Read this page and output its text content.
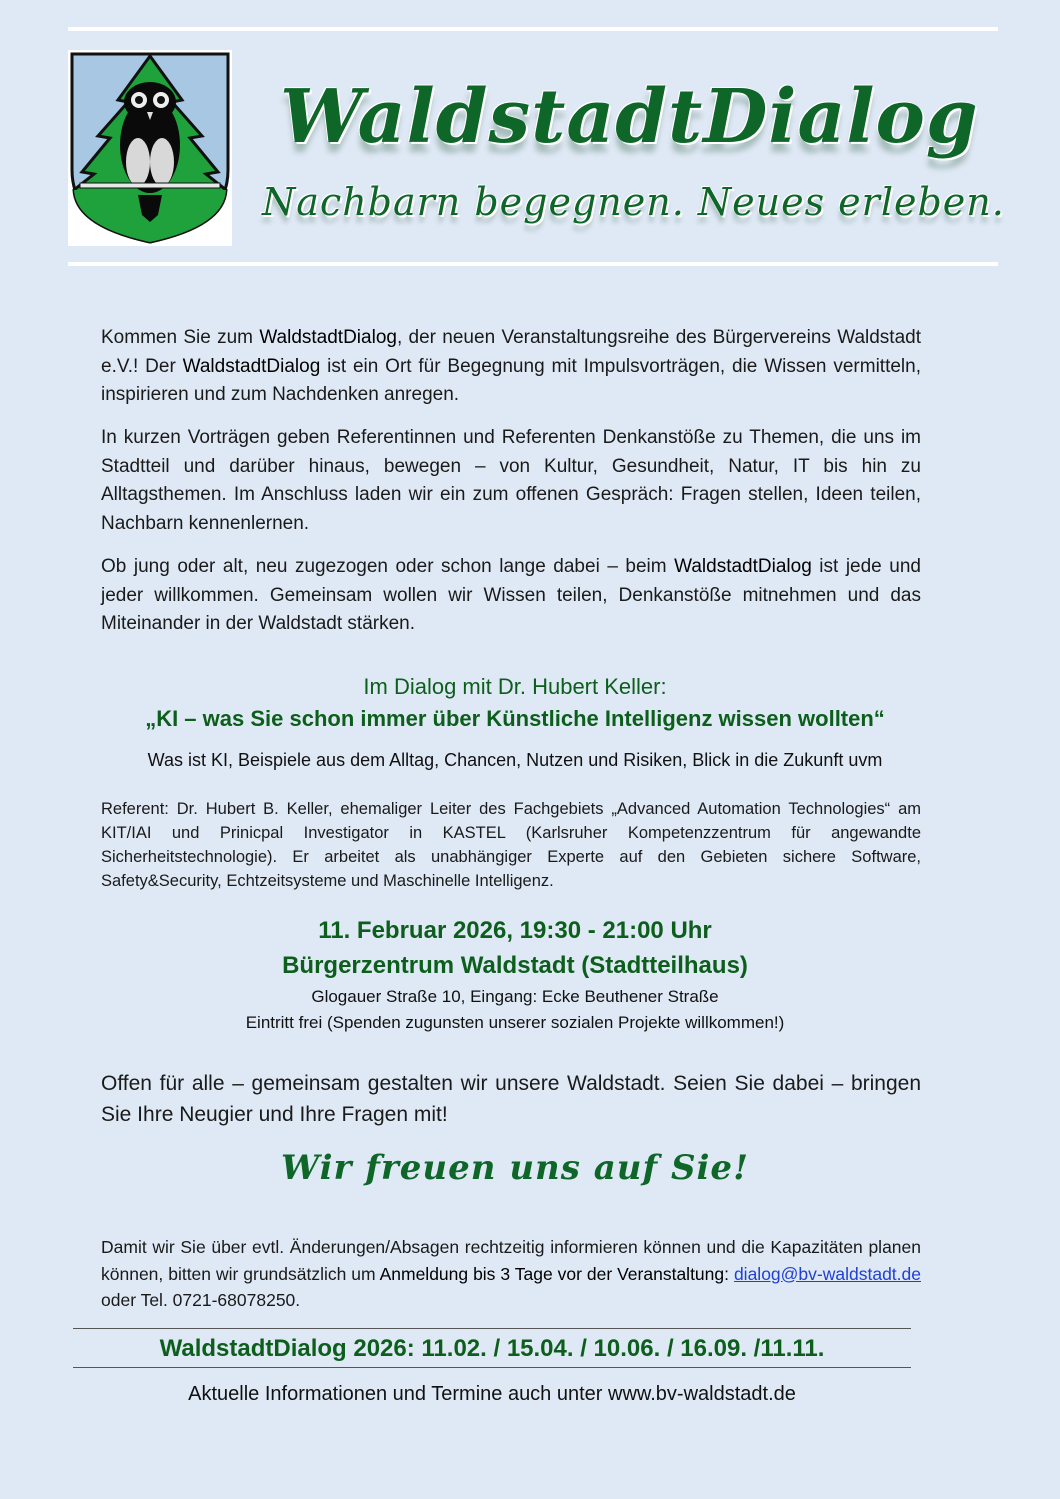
WaldstadtDialog
Nachbarn begegnen. Neues erleben.
Kommen Sie zum WaldstadtDialog, der neuen Veranstaltungsreihe des Bürgervereins Waldstadt e.V.! Der WaldstadtDialog ist ein Ort für Begegnung mit Impulsvorträgen, die Wissen vermitteln, inspirieren und zum Nachdenken anregen.
In kurzen Vorträgen geben Referentinnen und Referenten Denkanstöße zu Themen, die uns im Stadtteil und darüber hinaus, bewegen – von Kultur, Gesundheit, Natur, IT bis hin zu Alltagsthemen. Im Anschluss laden wir ein zum offenen Gespräch: Fragen stellen, Ideen teilen, Nachbarn kennenlernen.
Ob jung oder alt, neu zugezogen oder schon lange dabei – beim WaldstadtDialog ist jede und jeder willkommen. Gemeinsam wollen wir Wissen teilen, Denkanstöße mitnehmen und das Miteinander in der Waldstadt stärken.
Im Dialog mit Dr. Hubert Keller:
„KI – was Sie schon immer über Künstliche Intelligenz wissen wollten“
Was ist KI, Beispiele aus dem Alltag, Chancen, Nutzen und Risiken, Blick in die Zukunft uvm
Referent: Dr. Hubert B. Keller, ehemaliger Leiter des Fachgebiets „Advanced Automation Technologies“ am KIT/IAI und Prinicpal Investigator in KASTEL (Karlsruher Kompetenzzentrum für angewandte Sicherheitstechnologie). Er arbeitet als unabhängiger Experte auf den Gebieten sichere Software, Safety&Security, Echtzeitsysteme und Maschinelle Intelligenz.
11. Februar 2026, 19:30 - 21:00 Uhr
Bürgerzentrum Waldstadt (Stadtteilhaus)
Glogauer Straße 10, Eingang: Ecke Beuthener Straße
Eintritt frei (Spenden zugunsten unserer sozialen Projekte willkommen!)
Offen für alle – gemeinsam gestalten wir unsere Waldstadt. Seien Sie dabei – bringen Sie Ihre Neugier und Ihre Fragen mit!
Wir freuen uns auf Sie!
Damit wir Sie über evtl. Änderungen/Absagen rechtzeitig informieren können und die Kapazitäten planen können, bitten wir grundsätzlich um Anmeldung bis 3 Tage vor der Veranstaltung: dialog@bv-waldstadt.de oder Tel. 0721-68078250.
WaldstadtDialog 2026: 11.02. / 15.04. / 10.06. / 16.09. /11.11.
Aktuelle Informationen und Termine auch unter www.bv-waldstadt.de
